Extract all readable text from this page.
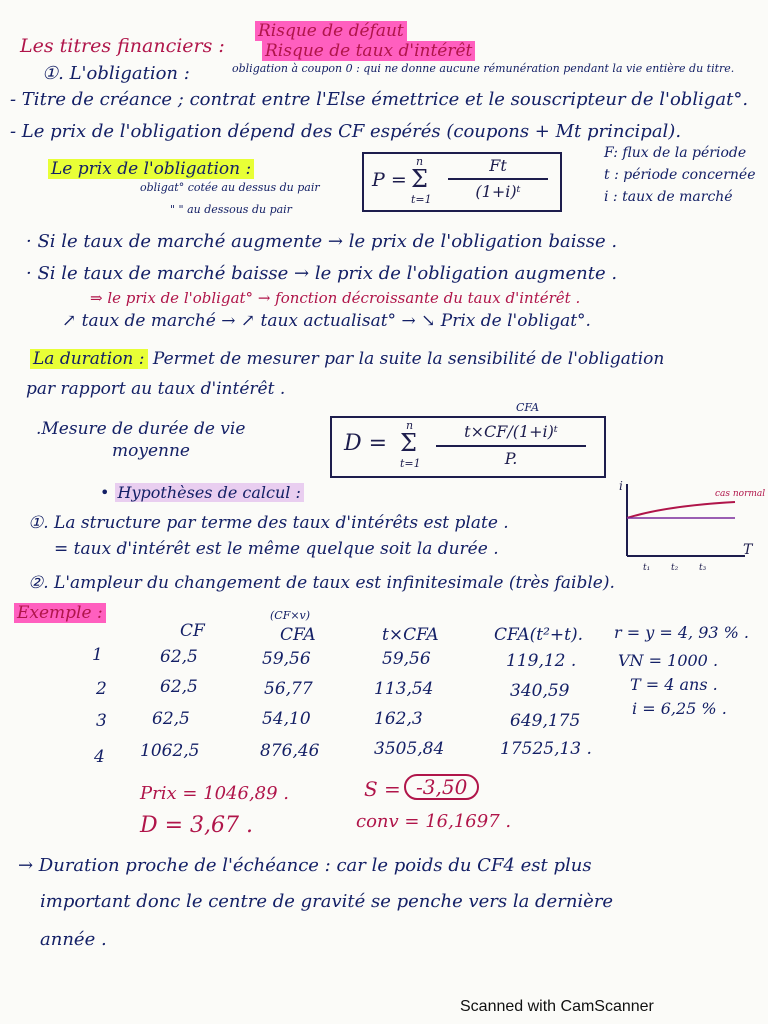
Les titres financiers :
Risque de défaut
Risque de taux d'intérêt
①. L'obligation :	obligation à coupon 0 : qui ne donne aucune rémunération pendant la vie entière du titre.
- Titre de créance ; contrat entre l'Else émettrice et le souscripteur de l'obligat°.
- Le prix de l'obligation dépend des CF espérés (coupons + Mt principal).
Le prix de l'obligation :
obligat° cotée au dessus du pair
" " au dessous du pair
P =
n
Σ
t=1
Ft
(1+i)ᵗ
F: flux de la période
t : période concernée
i : taux de marché
· Si le taux de marché augmente → le prix de l'obligation baisse .
· Si le taux de marché baisse → le prix de l'obligation augmente .
⇒ le prix de l'obligat° → fonction décroissante du taux d'intérêt .
↗ taux de marché → ↗ taux actualisat° → ↘ Prix de l'obligat°.
La duration : Permet de mesurer par la suite la sensibilité de l'obligation
par rapport au taux d'intérêt .
.Mesure de durée de vie
moyenne	D =
n
Σ
t=1
t×CF/(1+i)ᵗ
P.
CFA
• Hypothèses de calcul :
①. La structure par terme des taux d'intérêts est plate .
= taux d'intérêt est le même quelque soit la durée .
②. L'ampleur du changement de taux est infinitesimale (très faible).
i
T
cas normal
t₁ t₂ t₃
Exemple :	(CF×v)
CF	CFA	t×CFA	CFA(t²+t).
1	62,5	59,56	59,56	119,12 .
2	62,5	56,77	113,54	340,59
3	62,5	54,10	162,3	649,175
4 1062,5	876,46	3505,84	17525,13 .
r = y = 4, 93 % .
VN = 1000 .
T = 4 ans .
i = 6,25 % .
Prix = 1046,89 .	S = -3,50
D = 3,67 .	conv = 16,1697 .
→ Duration proche de l'échéance : car le poids du CF4 est plus
important donc le centre de gravité se penche vers la dernière
année .
Scanned with CamScanner
